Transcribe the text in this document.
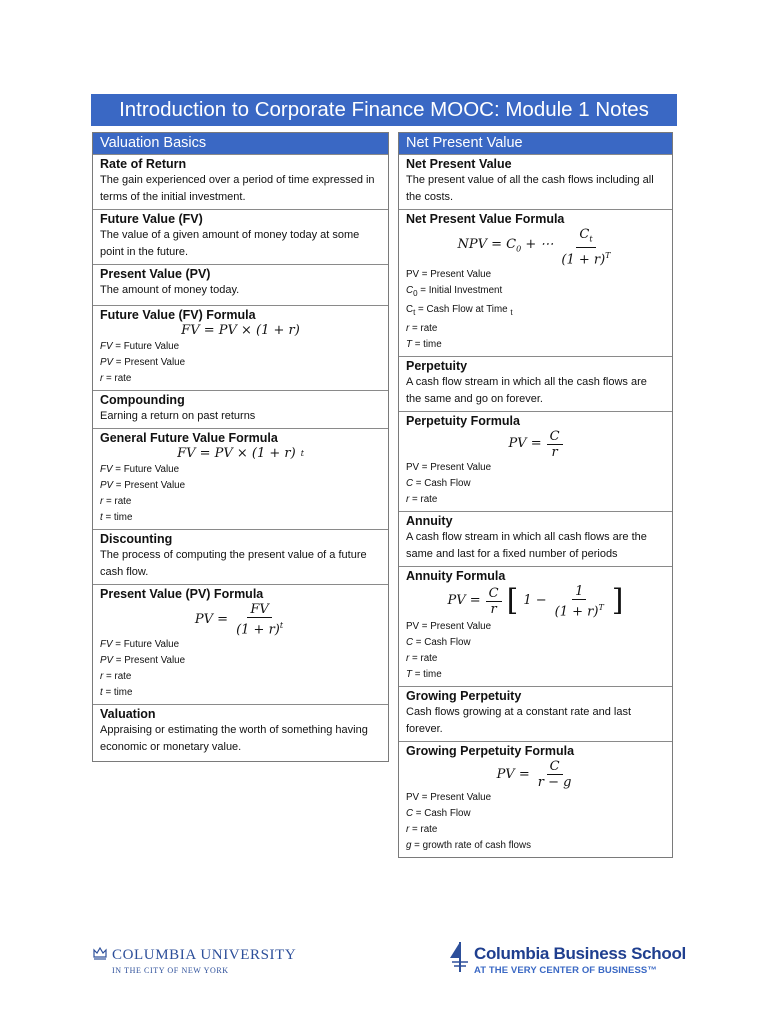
Introduction to Corporate Finance MOOC: Module 1 Notes
Valuation Basics
Rate of Return
The gain experienced over a period of time expressed in terms of the initial investment.
Future Value (FV)
The value of a given amount of money today at some point in the future.
Present Value (PV)
The amount of money today.
Future Value (FV) Formula
FV = PV × (1 + r)
FV = Future Value
PV = Present Value
r = rate
Compounding
Earning a return on past returns
General Future Value Formula
FV = PV × (1 + r) t
FV = Future Value
PV = Present Value
r = rate
t = time
Discounting
The process of computing the present value of a future cash flow.
Present Value (PV) Formula
PV = $\frac{FV}{(1 + r)^t}$
FV = Future Value
PV = Present Value
r = rate
t = time
Valuation
Appraising or estimating the worth of something having economic or monetary value.
Net Present Value
Net Present Value
The present value of all the cash flows including all the costs.
Net Present Value Formula
NPV = $C_0$ + ⋯ $\frac{C_t}{(1 + r)^T}$
PV = Present Value
$C_0$ = Initial Investment
$C_t$ = Cash Flow at Time $_t$
r = rate
T = time
Perpetuity
A cash flow stream in which all the cash flows are the same and go on forever.
Perpetuity Formula
PV = $\frac{C}{r}$
PV = Present Value
C = Cash Flow
r = rate
Annuity
A cash flow stream in which all cash flows are the same and last for a fixed number of periods
Annuity Formula
PV = $\frac{C}{r}$ [ $1 - \frac{1}{(1 + r)^T}$ ]
PV = Present Value
C = Cash Flow
r = rate
T = time
Growing Perpetuity
Cash flows growing at a constant rate and last forever.
Growing Perpetuity Formula
PV = $\frac{C}{r - g}$
PV = Present Value
C = Cash Flow
r = rate
g = growth rate of cash flows
COLUMBIA UNIVERSITY
IN THE CITY OF NEW YORK
Columbia Business School
AT THE VERY CENTER OF BUSINESS™
